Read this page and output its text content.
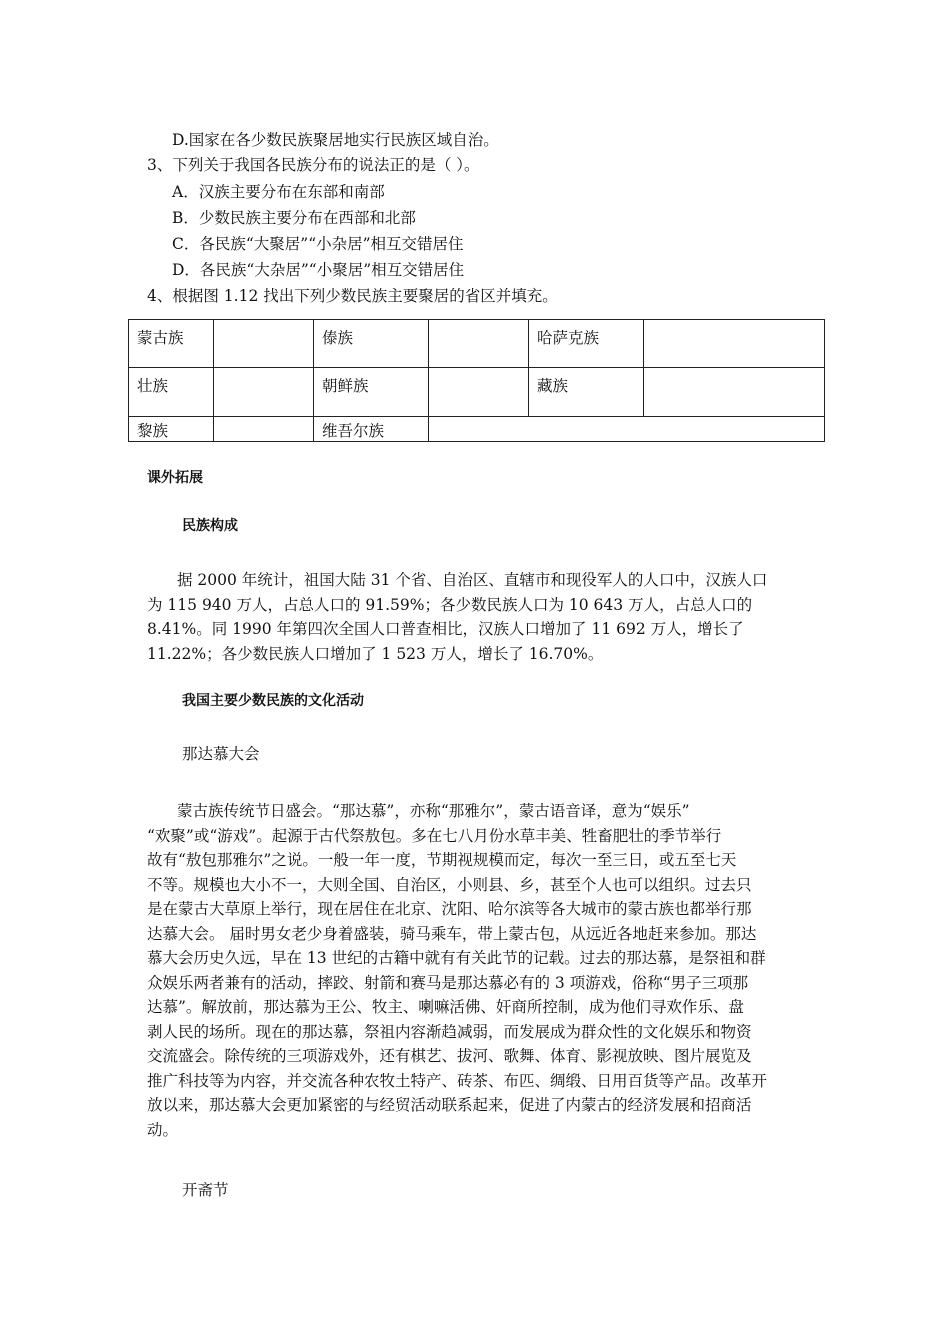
D.国家在各少数民族聚居地实行民族区域自治。
3、下列关于我国各民族分布的说法正的是（ ）。
A．汉族主要分布在东部和南部
B．少数民族主要分布在西部和北部
C．各民族“大聚居”“小杂居”相互交错居住
D．各民族“大杂居”“小聚居”相互交错居住
4、根据图 1.12 找出下列少数民族主要聚居的省区并填充。
蒙古族		傣族		哈萨克族	
壮族		朝鲜族		藏族	
黎族		维吾尔族			
课外拓展
民族构成
据 2000 年统计，祖国大陆 31 个省、自治区、直辖市和现役军人的人口中，汉族人口
为 115 940 万人，占总人口的 91.59%；各少数民族人口为 10 643 万人，占总人口的
8.41%。同 1990 年第四次全国人口普查相比，汉族人口增加了 11 692 万人，增长了
11.22%；各少数民族人口增加了 1 523 万人，增长了 16.70%。
我国主要少数民族的文化活动
那达慕大会
蒙古族传统节日盛会。“那达慕”，亦称“那雅尔”，蒙古语音译，意为“娱乐”
“欢聚”或“游戏”。起源于古代祭敖包。多在七八月份水草丰美、牲畜肥壮的季节举行
故有“敖包那雅尔”之说。一般一年一度，节期视规模而定，每次一至三日，或五至七天
不等。规模也大小不一，大则全国、自治区，小则县、乡，甚至个人也可以组织。过去只
是在蒙古大草原上举行，现在居住在北京、沈阳、哈尔滨等各大城市的蒙古族也都举行那
达慕大会。 届时男女老少身着盛装，骑马乘车，带上蒙古包，从远近各地赶来参加。那达
慕大会历史久远，早在 13 世纪的古籍中就有有关此节的记载。过去的那达慕，是祭祖和群
众娱乐两者兼有的活动，摔跤、射箭和赛马是那达慕必有的 3 项游戏，俗称“男子三项那
达慕”。解放前，那达慕为王公、牧主、喇嘛活佛、奸商所控制，成为他们寻欢作乐、盘
剥人民的场所。现在的那达慕，祭祖内容渐趋减弱，而发展成为群众性的文化娱乐和物资
交流盛会。除传统的三项游戏外，还有棋艺、拔河、歌舞、体育、影视放映、图片展览及
推广科技等为内容，并交流各种农牧土特产、砖茶、布匹、绸缎、日用百货等产品。改革开
放以来，那达慕大会更加紧密的与经贸活动联系起来，促进了内蒙古的经济发展和招商活
动。
开斋节
